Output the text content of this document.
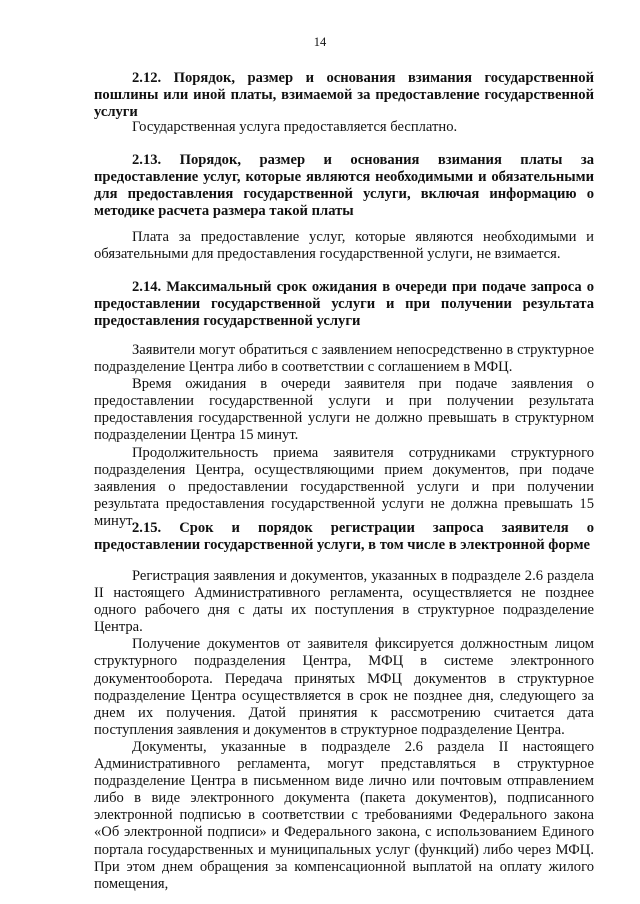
14

2.12. Порядок, размер и основания взимания государственной пошлины или иной платы, взимаемой за предоставление государственной услуги

Государственная услуга предоставляется бесплатно.

2.13. Порядок, размер и основания взимания платы за предоставление услуг, которые являются необходимыми и обязательными для предоставления государственной услуги, включая информацию о методике расчета размера такой платы

Плата за предоставление услуг, которые являются необходимыми и обязательными для предоставления государственной услуги, не взимается.

2.14. Максимальный срок ожидания в очереди при подаче запроса о предоставлении государственной услуги и при получении результата предоставления государственной услуги

Заявители могут обратиться с заявлением непосредственно в структурное подразделение Центра либо в соответствии с соглашением в МФЦ.

Время ожидания в очереди заявителя при подаче заявления о предоставлении государственной услуги и при получении результата предоставления государственной услуги не должно превышать в структурном подразделении Центра 15 минут.

Продолжительность приема заявителя сотрудниками структурного подразделения Центра, осуществляющими прием документов, при подаче заявления о предоставлении государственной услуги и при получении результата предоставления государственной услуги не должна превышать 15 минут.

2.15. Срок и порядок регистрации запроса заявителя о предоставлении государственной услуги, в том числе в электронной форме

Регистрация заявления и документов, указанных в подразделе 2.6 раздела II настоящего Административного регламента, осуществляется не позднее одного рабочего дня с даты их поступления в структурное подразделение Центра.

Получение документов от заявителя фиксируется должностным лицом структурного подразделения Центра, МФЦ в системе электронного документооборота. Передача принятых МФЦ документов в структурное подразделение Центра осуществляется в срок не позднее дня, следующего за днем их получения. Датой принятия к рассмотрению считается дата поступления заявления и документов в структурное подразделение Центра.

Документы, указанные в подразделе 2.6 раздела II настоящего Административного регламента, могут представляться в структурное подразделение Центра в письменном виде лично или почтовым отправлением либо в виде электронного документа (пакета документов), подписанного электронной подписью в соответствии с требованиями Федерального закона «Об электронной подписи» и Федерального закона, с использованием Единого портала государственных и муниципальных услуг (функций) либо через МФЦ. При этом днем обращения за компенсационной выплатой на оплату жилого помещения,
